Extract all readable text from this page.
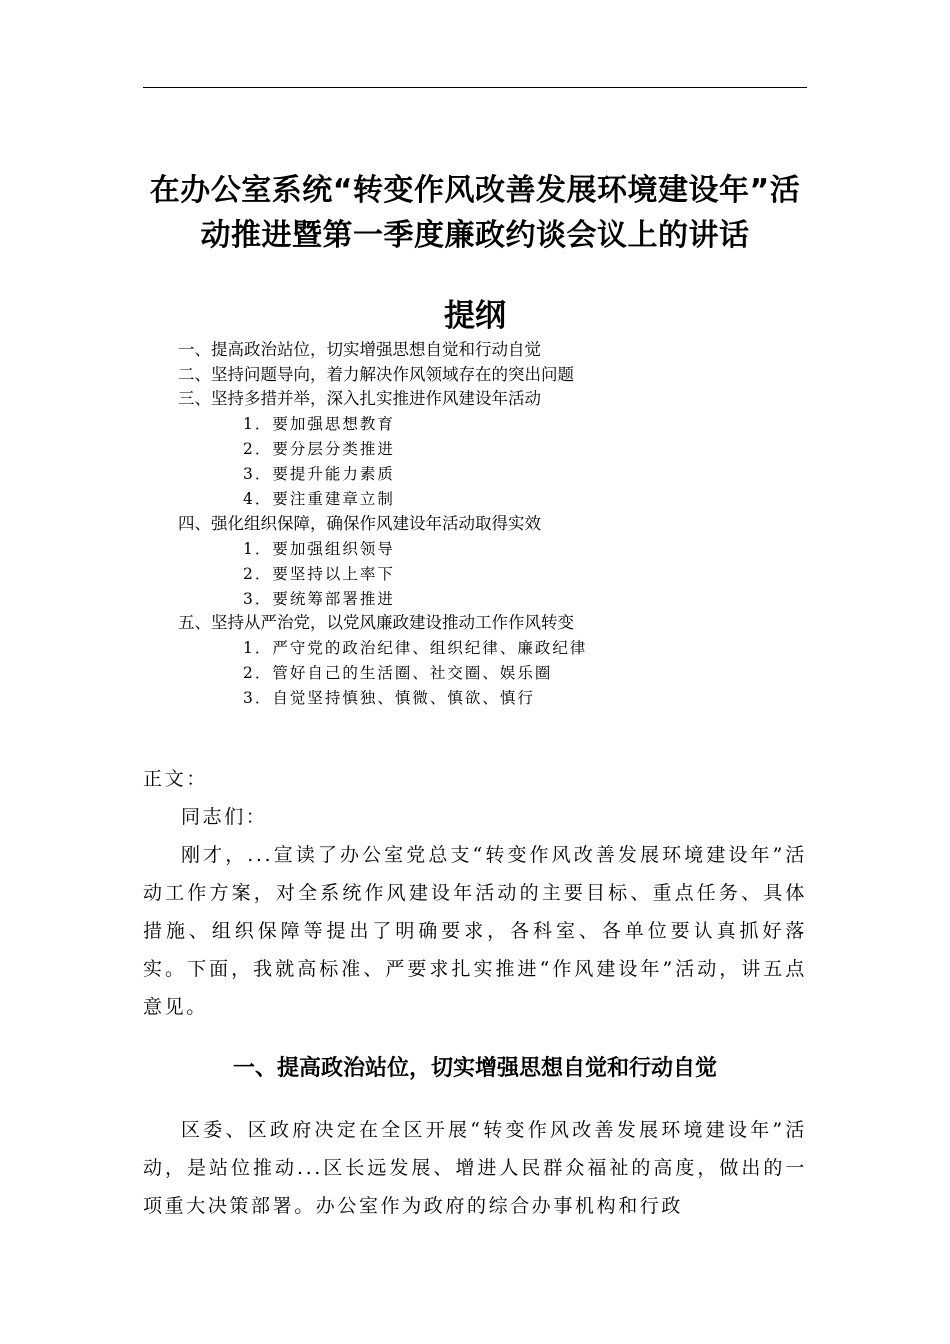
在办公室系统“转变作风改善发展环境建设年”活动推进暨第一季度廉政约谈会议上的讲话
提纲
一、提高政治站位，切实增强思想自觉和行动自觉
二、坚持问题导向，着力解决作风领域存在的突出问题
三、坚持多措并举，深入扎实推进作风建设年活动
1．要加强思想教育
2．要分层分类推进
3．要提升能力素质
4．要注重建章立制
四、强化组织保障，确保作风建设年活动取得实效
1．要加强组织领导
2．要坚持以上率下
3．要统筹部署推进
五、坚持从严治党，以党风廉政建设推动工作作风转变
1．严守党的政治纪律、组织纪律、廉政纪律
2．管好自己的生活圈、社交圈、娱乐圈
3．自觉坚持慎独、慎微、慎欲、慎行
正文：

同志们：

刚才，...宣读了办公室党总支“转变作风改善发展环境建设年”活动工作方案，对全系统作风建设年活动的主要目标、重点任务、具体措施、组织保障等提出了明确要求，各科室、各单位要认真抓好落实。下面，我就高标准、严要求扎实推进“作风建设年”活动，讲五点意见。

一、提高政治站位，切实增强思想自觉和行动自觉

区委、区政府决定在全区开展“转变作风改善发展环境建设年”活动，是站位推动...区长远发展、增进人民群众福祉的高度，做出的一项重大决策部署。办公室作为政府的综合办事机构和行政
